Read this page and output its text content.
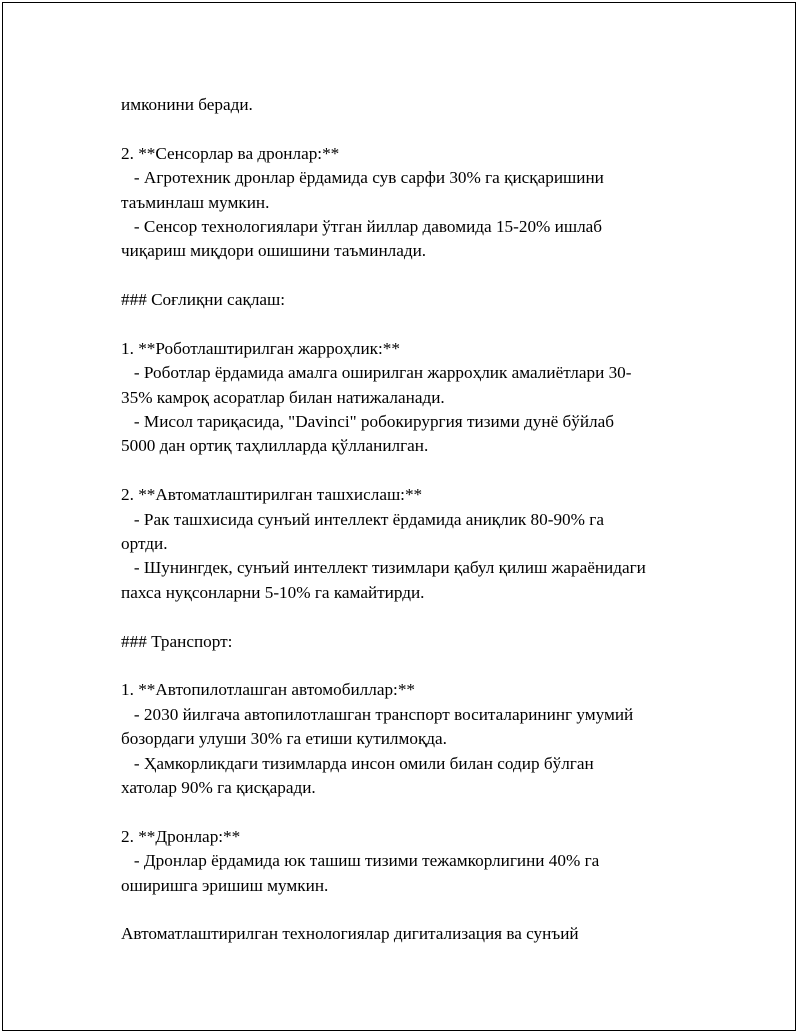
имконини беради.
2. **Сенсорлар ва дронлар:**
- Агротехник дронлар ёрдамида сув сарфи 30% га қисқаришини
таъминлаш мумкин.
- Сенсор технологиялари ўтган йиллар давомида 15-20% ишлаб
чиқариш миқдори ошишини таъминлади.
### Соғлиқни сақлаш:
1. **Роботлаштирилган жарроҳлик:**
- Роботлар ёрдамида амалга оширилган жарроҳлик амалиётлари 30-
35% камроқ асоратлар билан натижаланади.
- Мисол тариқасида, "Davinci" робокирургия тизими дунё бўйлаб
5000 дан ортиқ таҳлилларда қўлланилган.
2. **Автоматлаштирилган ташхислаш:**
- Рак ташхисида сунъий интеллект ёрдамида аниқлик 80-90% га
ортди.
- Шунингдек, сунъий интеллект тизимлари қабул қилиш жараёнидаги
пахса нуқсонларни 5-10% га камайтирди.
### Транспорт:
1. **Автопилотлашган автомобиллар:**
- 2030 йилгача автопилотлашган транспорт воситаларининг умумий
бозордаги улуши 30% га етиши кутилмоқда.
- Ҳамкорликдаги тизимларда инсон омили билан содир бўлган
хатолар 90% га қисқаради.
2. **Дронлар:**
- Дронлар ёрдамида юк ташиш тизими тежамкорлигини 40% га
оширишга эришиш мумкин.
Автоматлаштирилган технологиялар дигитализация ва сунъий
